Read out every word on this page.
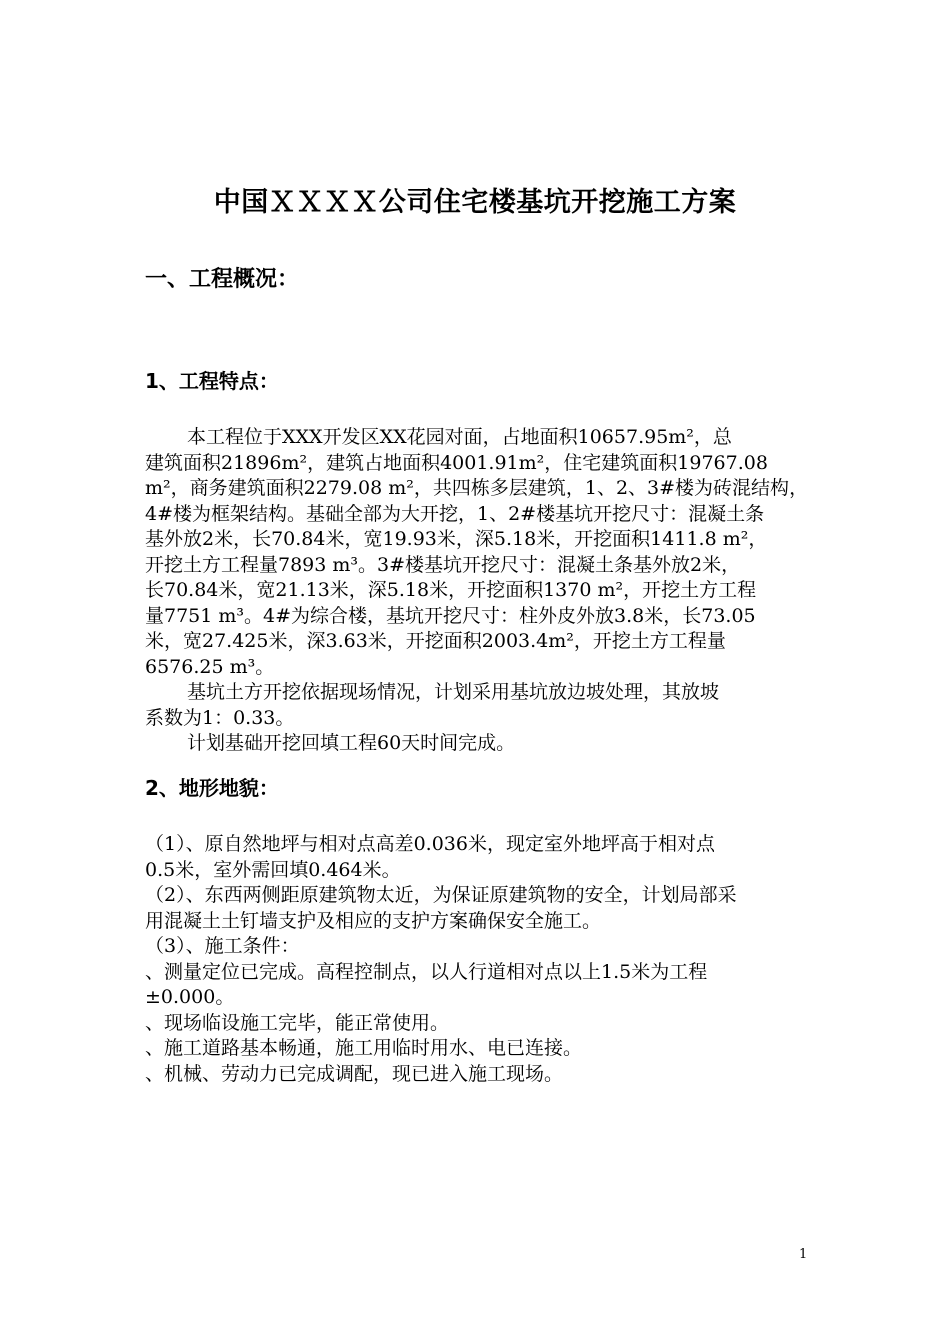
中国ＸＸＸＸ公司住宅楼基坑开挖施工方案
一、工程概况：
1、工程特点：
本工程位于XXX开发区XX花园对面，占地面积10657.95m²，总
建筑面积21896m²，建筑占地面积4001.91m²，住宅建筑面积19767.08
m²，商务建筑面积2279.08 m²，共四栋多层建筑，1、2、3#楼为砖混结构，
4#楼为框架结构。基础全部为大开挖，1、2#楼基坑开挖尺寸：混凝土条
基外放2米，长70.84米，宽19.93米，深5.18米，开挖面积1411.8 m²，
开挖土方工程量7893 m³。3#楼基坑开挖尺寸：混凝土条基外放2米，
长70.84米，宽21.13米，深5.18米，开挖面积1370 m²，开挖土方工程
量7751 m³。4#为综合楼，基坑开挖尺寸：柱外皮外放3.8米，长73.05
米，宽27.425米，深3.63米，开挖面积2003.4m²，开挖土方工程量
6576.25 m³。
基坑土方开挖依据现场情况，计划采用基坑放边坡处理，其放坡
系数为1：0.33。
计划基础开挖回填工程60天时间完成。
2、地形地貌：
（1）、原自然地坪与相对点高差0.036米，现定室外地坪高于相对点
0.5米，室外需回填0.464米。
（2）、东西两侧距原建筑物太近，为保证原建筑物的安全，计划局部采
用混凝土土钉墙支护及相应的支护方案确保安全施工。
（3）、施工条件：
、测量定位已完成。高程控制点，以人行道相对点以上1.5米为工程
±0.000。
、现场临设施工完毕，能正常使用。
、施工道路基本畅通，施工用临时用水、电已连接。
、机械、劳动力已完成调配，现已进入施工现场。
1
